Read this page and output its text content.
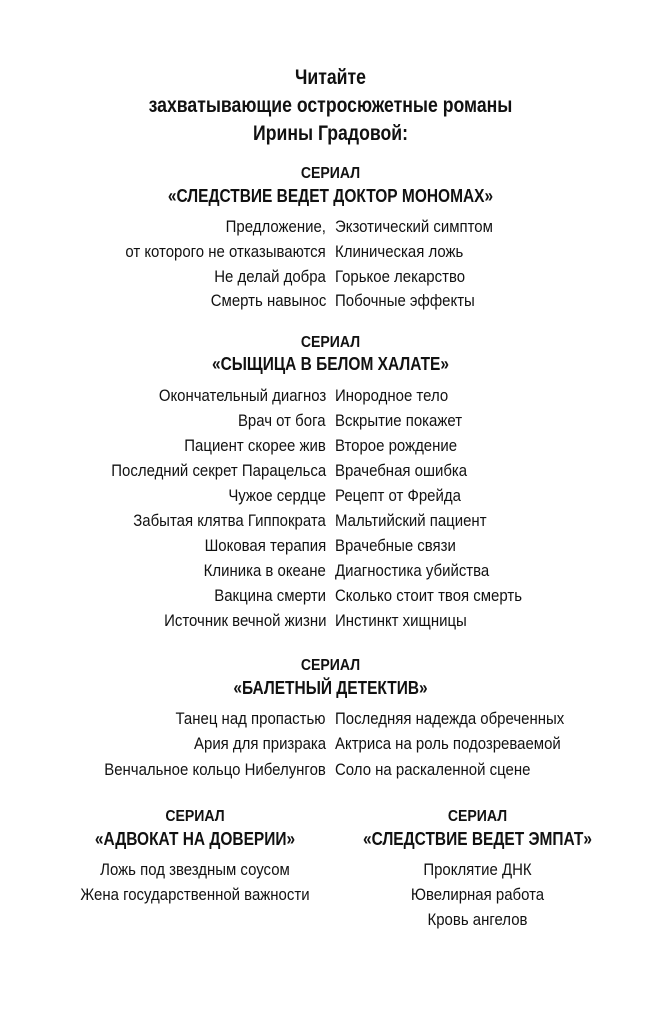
Читайте
захватывающие остросюжетные романы
Ирины Градовой:
СЕРИАЛ
«СЛЕДСТВИЕ ВЕДЕТ ДОКТОР МОНОМАХ»
Предложение, Экзотический симптом
от которого не отказываются Клиническая ложь
Не делай добра Горькое лекарство
Смерть навынос Побочные эффекты
СЕРИАЛ
«СЫЩИЦА В БЕЛОМ ХАЛАТЕ»
Окончательный диагноз Инородное тело
Врач от бога Вскрытие покажет
Пациент скорее жив Второе рождение
Последний секрет Парацельса Врачебная ошибка
Чужое сердце Рецепт от Фрейда
Забытая клятва Гиппократа Мальтийский пациент
Шоковая терапия Врачебные связи
Клиника в океане Диагностика убийства
Вакцина смерти Сколько стоит твоя смерть
Источник вечной жизни Инстинкт хищницы
СЕРИАЛ
«БАЛЕТНЫЙ ДЕТЕКТИВ»
Танец над пропастью Последняя надежда обреченных
Ария для призрака Актриса на роль подозреваемой
Венчальное кольцо Нибелунгов Соло на раскаленной сцене
СЕРИАЛ
«АДВОКАТ НА ДОВЕРИИ»
Ложь под звездным соусом
Жена государственной важности
СЕРИАЛ
«СЛЕДСТВИЕ ВЕДЕТ ЭМПАТ»
Проклятие ДНК
Ювелирная работа
Кровь ангелов
